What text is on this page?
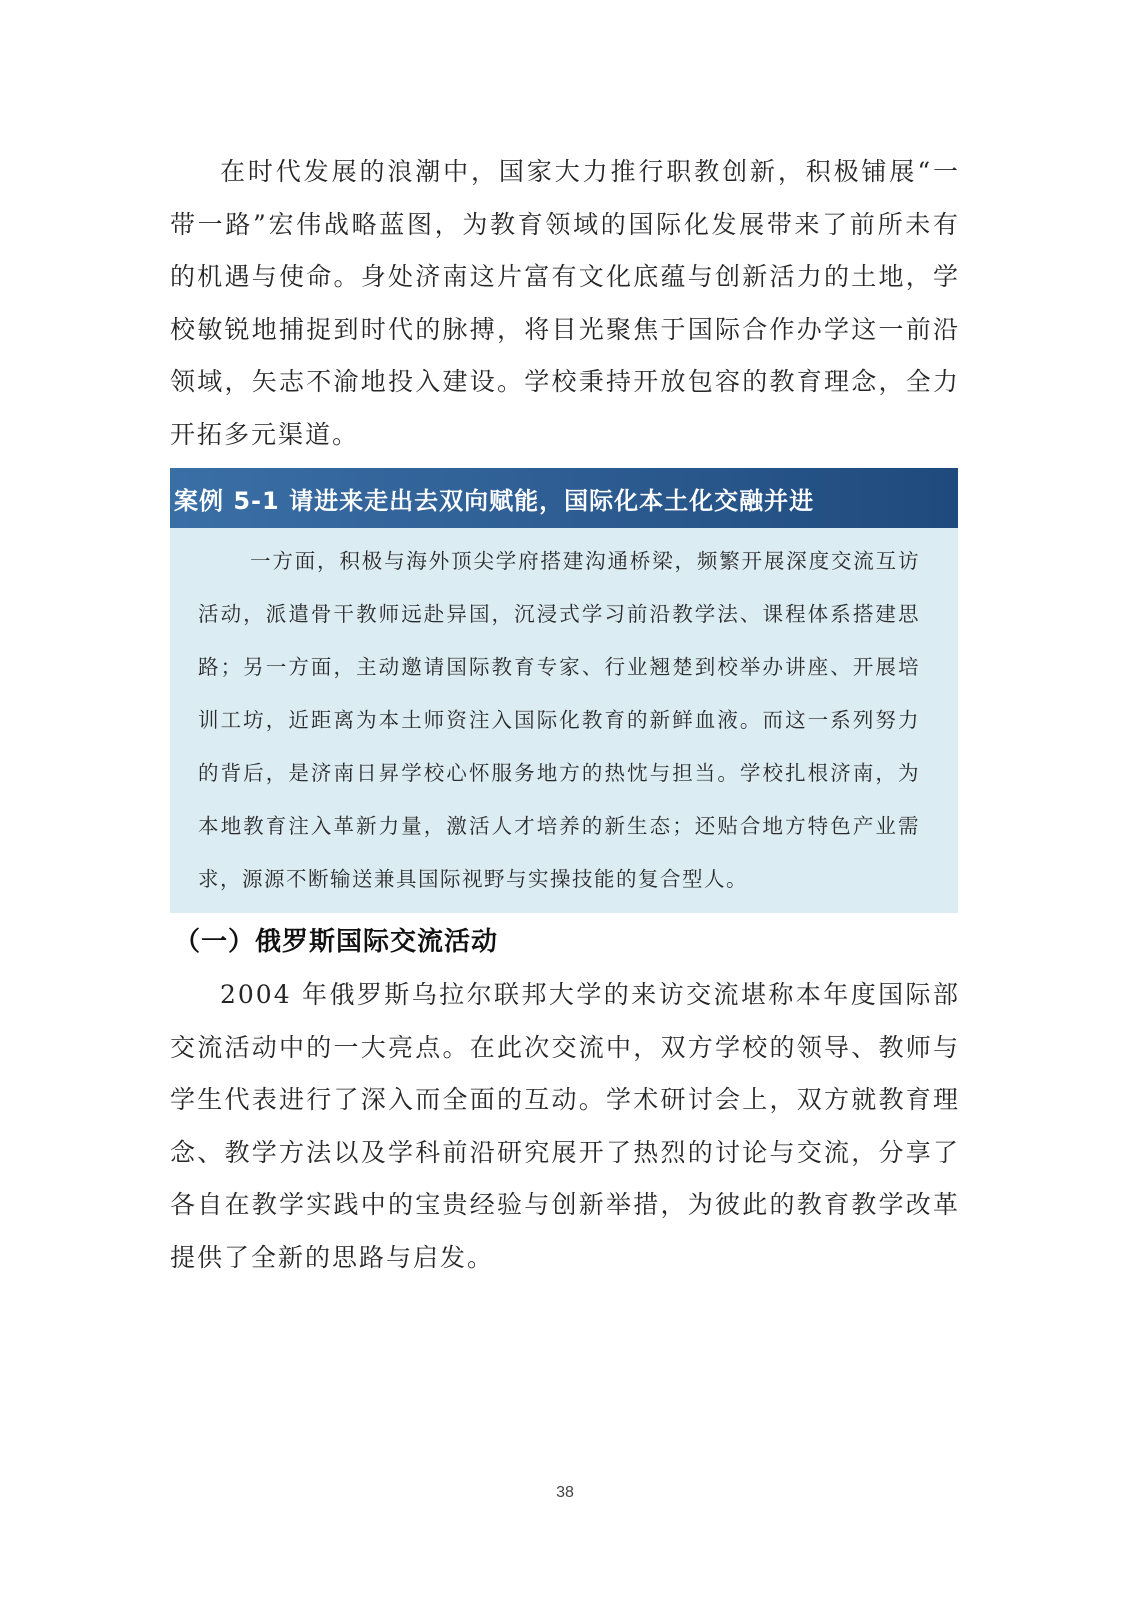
在时代发展的浪潮中，国家大力推行职教创新，积极铺展“一带一路”宏伟战略蓝图，为教育领域的国际化发展带来了前所未有的机遇与使命。身处济南这片富有文化底蕴与创新活力的土地，学校敏锐地捕捉到时代的脉搏，将目光聚焦于国际合作办学这一前沿领域，矢志不渝地投入建设。学校秉持开放包容的教育理念，全力开拓多元渠道。

案例 5-1 请进来走出去双向赋能，国际化本土化交融并进

一方面，积极与海外顶尖学府搭建沟通桥梁，频繁开展深度交流互访活动，派遣骨干教师远赴异国，沉浸式学习前沿教学法、课程体系搭建思路；另一方面，主动邀请国际教育专家、行业翘楚到校举办讲座、开展培训工坊，近距离为本土师资注入国际化教育的新鲜血液。而这一系列努力的背后，是济南日昇学校心怀服务地方的热忱与担当。学校扎根济南，为本地教育注入革新力量，激活人才培养的新生态；还贴合地方特色产业需求，源源不断输送兼具国际视野与实操技能的复合型人。

（一）俄罗斯国际交流活动

2004 年俄罗斯乌拉尔联邦大学的来访交流堪称本年度国际部交流活动中的一大亮点。在此次交流中，双方学校的领导、教师与学生代表进行了深入而全面的互动。学术研讨会上，双方就教育理念、教学方法以及学科前沿研究展开了热烈的讨论与交流，分享了各自在教学实践中的宝贵经验与创新举措，为彼此的教育教学改革提供了全新的思路与启发。

38
